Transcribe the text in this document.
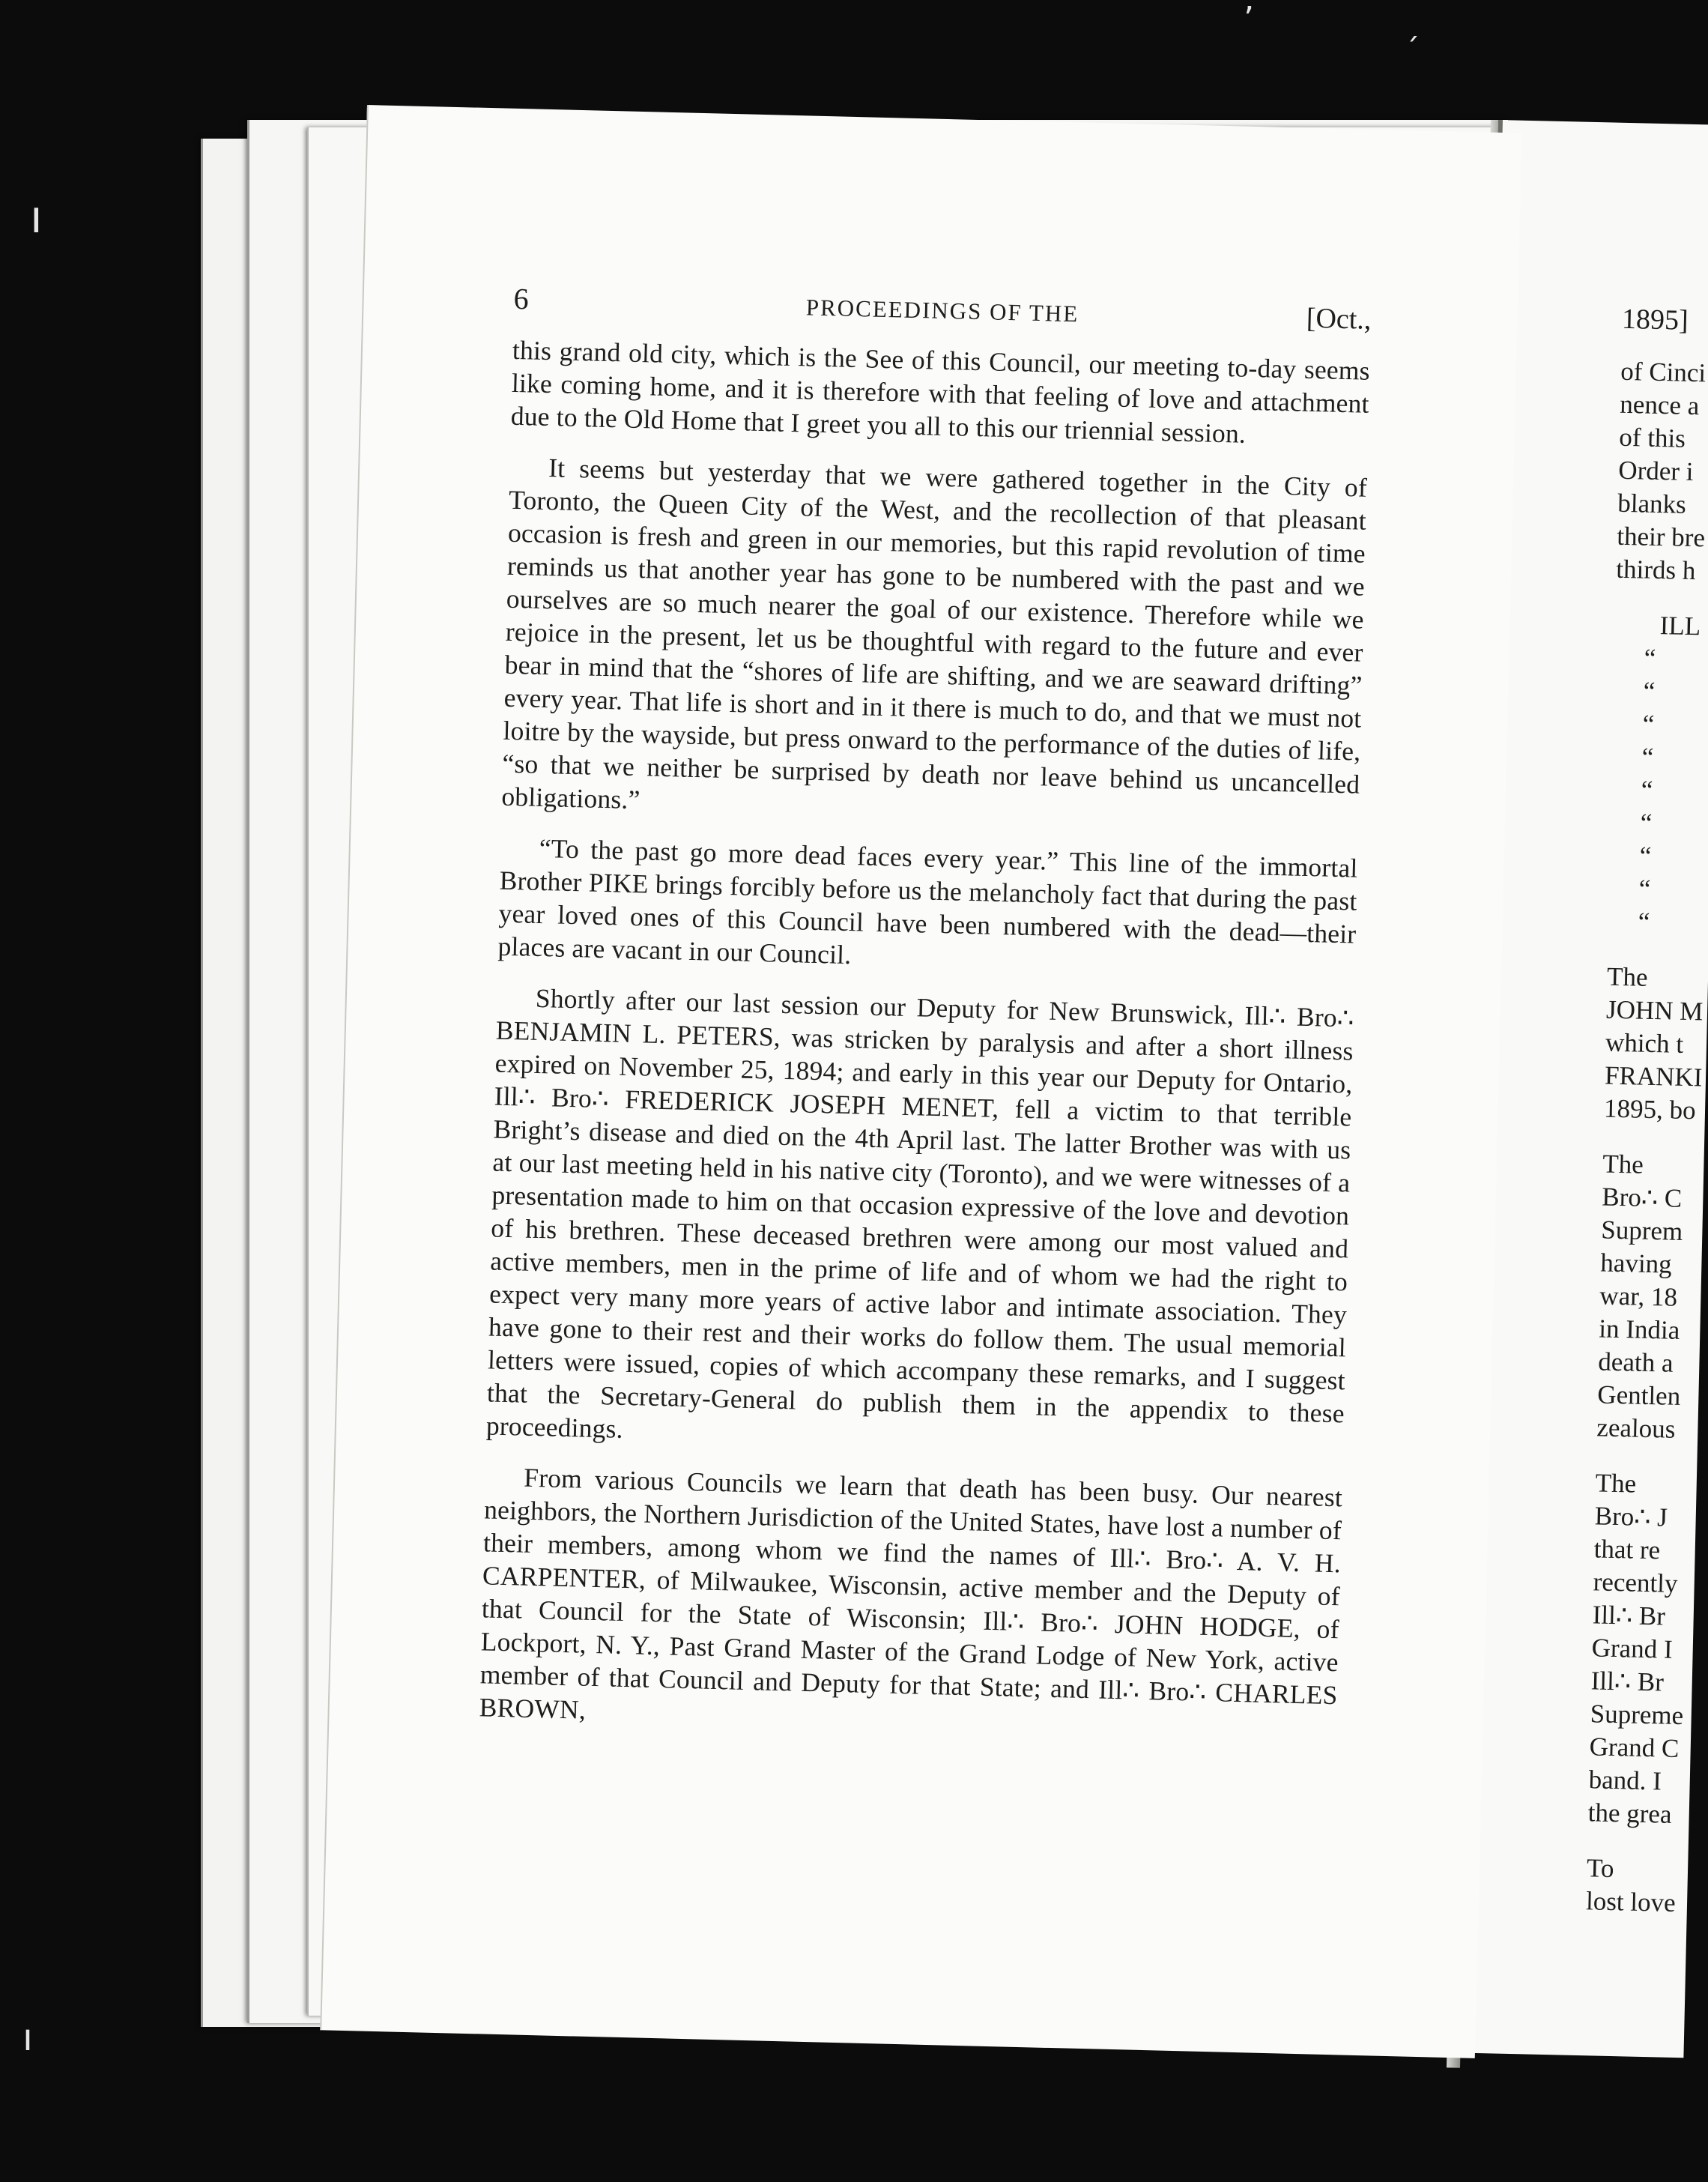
ı
ʼ	ˏ
ı
1895]
of Cinci
nence a
of this
Order i
blanks
their bre
thirds h
ILL
“
“
“
“
“
“
“
“
“
The
JOHN M
which t
FRANKI
1895, bo
The
Bro∴ C
Suprem
having
war, 18
in India
death a
Gentlen
zealous
The
Bro∴ J
that re
recently
Ill∴ Br
Grand I
Ill∴ Br
Supreme
Grand C
band. I
the grea
To
lost love
6	PROCEEDINGS OF THE	[Oct.,

this grand old city, which is the See of this Council, our meeting to-day seems like coming home, and it is therefore with that feeling of love and attachment due to the Old Home that I greet you all to this our triennial session.

It seems but yesterday that we were gathered together in the City of Toronto, the Queen City of the West, and the recollection of that pleasant occasion is fresh and green in our memories, but this rapid revolution of time reminds us that another year has gone to be numbered with the past and we ourselves are so much nearer the goal of our existence. Therefore while we rejoice in the present, let us be thoughtful with regard to the future and ever bear in mind that the “shores of life are shifting, and we are seaward drifting” every year. That life is short and in it there is much to do, and that we must not loitre by the wayside, but press onward to the performance of the duties of life, “so that we neither be surprised by death nor leave behind us uncancelled obligations.”

“To the past go more dead faces every year.” This line of the immortal Brother PIKE brings forcibly before us the melancholy fact that during the past year loved ones of this Council have been numbered with the dead—their places are vacant in our Council.

Shortly after our last session our Deputy for New Brunswick, Ill∴ Bro∴ BENJAMIN L. PETERS, was stricken by paralysis and after a short illness expired on November 25, 1894; and early in this year our Deputy for Ontario, Ill∴ Bro∴ FREDERICK JOSEPH MENET, fell a victim to that terrible Bright’s disease and died on the 4th April last. The latter Brother was with us at our last meeting held in his native city (Toronto), and we were witnesses of a presentation made to him on that occasion expressive of the love and devotion of his brethren. These deceased brethren were among our most valued and active members, men in the prime of life and of whom we had the right to expect very many more years of active labor and intimate association. They have gone to their rest and their works do follow them. The usual memorial letters were issued, copies of which accompany these remarks, and I suggest that the Secretary-General do publish them in the appendix to these proceedings.

From various Councils we learn that death has been busy. Our nearest neighbors, the Northern Jurisdiction of the United States, have lost a number of their members, among whom we find the names of Ill∴ Bro∴ A. V. H. CARPENTER, of Milwaukee, Wisconsin, active member and the Deputy of that Council for the State of Wisconsin; Ill∴ Bro∴ JOHN HODGE, of Lockport, N. Y., Past Grand Master of the Grand Lodge of New York, active member of that Council and Deputy for that State; and Ill∴ Bro∴ CHARLES BROWN,
